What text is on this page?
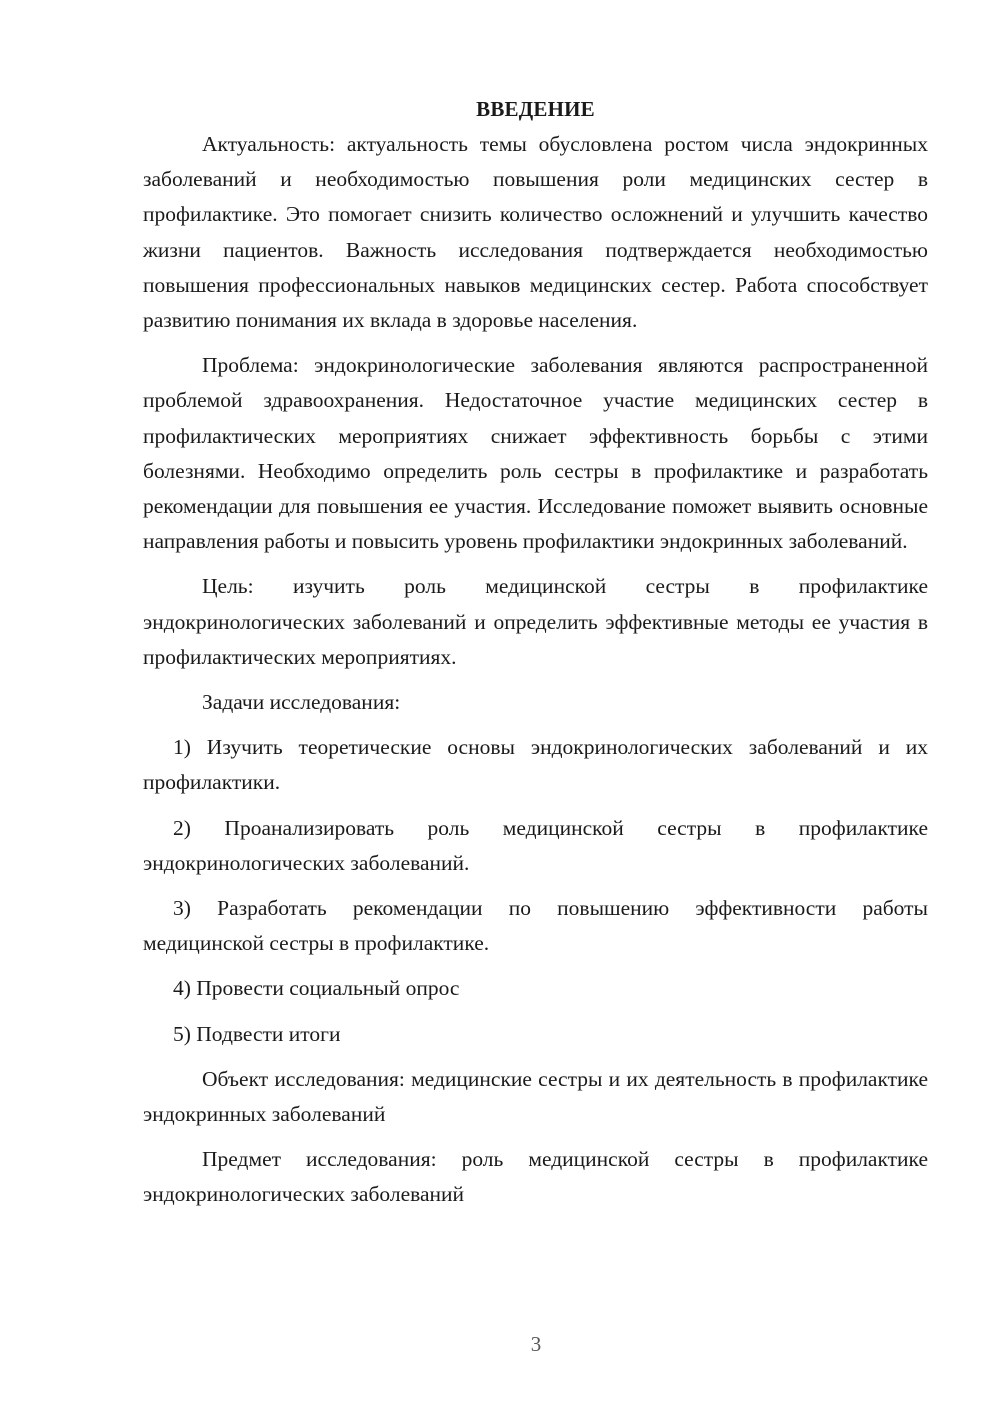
ВВЕДЕНИЕ

Актуальность: актуальность темы обусловлена ростом числа эндокринных заболеваний и необходимостью повышения роли медицинских сестер в профилактике. Это помогает снизить количество осложнений и улучшить качество жизни пациентов. Важность исследования подтверждается необходимостью повышения профессиональных навыков медицинских сестер. Работа способствует развитию понимания их вклада в здоровье населения.

Проблема: эндокринологические заболевания являются распространенной проблемой здравоохранения. Недостаточное участие медицинских сестер в профилактических мероприятиях снижает эффективность борьбы с этими болезнями. Необходимо определить роль сестры в профилактике и разработать рекомендации для повышения ее участия. Исследование поможет выявить основные направления работы и повысить уровень профилактики эндокринных заболеваний.

Цель: изучить роль медицинской сестры в профилактике эндокринологических заболеваний и определить эффективные методы ее участия в профилактических мероприятиях.

Задачи исследования:

1) Изучить теоретические основы эндокринологических заболеваний и их профилактики.

2) Проанализировать роль медицинской сестры в профилактике эндокринологических заболеваний.

3) Разработать рекомендации по повышению эффективности работы медицинской сестры в профилактике.

4) Провести социальный опрос

5) Подвести итоги

Объект исследования: медицинские сестры и их деятельность в профилактике эндокринных заболеваний

Предмет исследования: роль медицинской сестры в профилактике эндокринологических заболеваний

3
